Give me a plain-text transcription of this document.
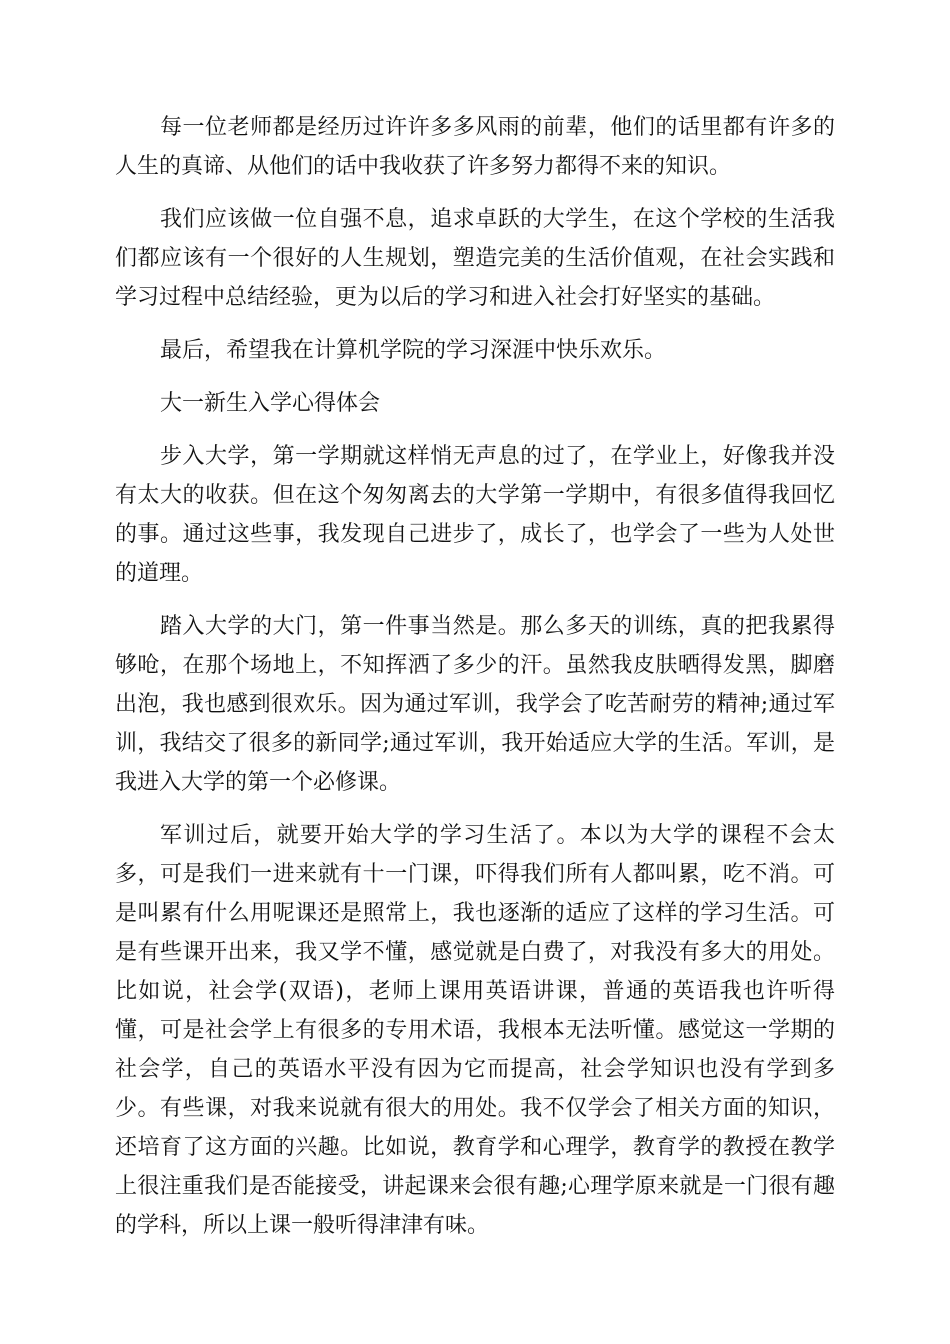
每一位老师都是经历过许许多多风雨的前辈，他们的话里都有许多的人生的真谛、从他们的话中我收获了许多努力都得不来的知识。

我们应该做一位自强不息，追求卓跃的大学生，在这个学校的生活我们都应该有一个很好的人生规划，塑造完美的生活价值观，在社会实践和学习过程中总结经验，更为以后的学习和进入社会打好坚实的基础。

最后，希望我在计算机学院的学习深涯中快乐欢乐。

大一新生入学心得体会

步入大学，第一学期就这样悄无声息的过了，在学业上，好像我并没有太大的收获。但在这个匆匆离去的大学第一学期中，有很多值得我回忆的事。通过这些事，我发现自己进步了，成长了，也学会了一些为人处世的道理。

踏入大学的大门，第一件事当然是。那么多天的训练，真的把我累得够呛，在那个场地上，不知挥洒了多少的汗。虽然我皮肤晒得发黑，脚磨出泡，我也感到很欢乐。因为通过军训，我学会了吃苦耐劳的精神;通过军训，我结交了很多的新同学;通过军训，我开始适应大学的生活。军训，是我进入大学的第一个必修课。

军训过后，就要开始大学的学习生活了。本以为大学的课程不会太多，可是我们一进来就有十一门课，吓得我们所有人都叫累，吃不消。可是叫累有什么用呢课还是照常上，我也逐渐的适应了这样的学习生活。可是有些课开出来，我又学不懂，感觉就是白费了，对我没有多大的用处。比如说，社会学(双语)，老师上课用英语讲课，普通的英语我也许听得懂，可是社会学上有很多的专用术语，我根本无法听懂。感觉这一学期的社会学，自己的英语水平没有因为它而提高，社会学知识也没有学到多少。有些课，对我来说就有很大的用处。我不仅学会了相关方面的知识，还培育了这方面的兴趣。比如说，教育学和心理学，教育学的教授在教学上很注重我们是否能接受，讲起课来会很有趣;心理学原来就是一门很有趣的学科，所以上课一般听得津津有味。
